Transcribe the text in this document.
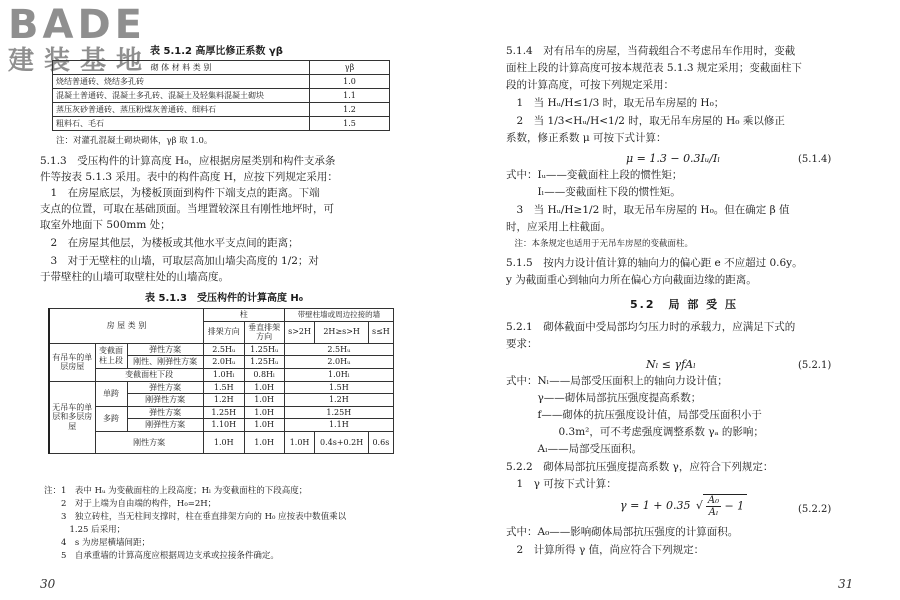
BADE
建装基地
表 5.1.2 高厚比修正系数 γβ
砌 体 材 料 类 别	γβ
烧结普通砖、烧结多孔砖	1.0
混凝土普通砖、混凝土多孔砖、混凝土及轻集料混凝土砌块	1.1
蒸压灰砂普通砖、蒸压粉煤灰普通砖、细料石	1.2
粗料石、毛石	1.5
注：对灌孔混凝土砌块砌体，γβ 取 1.0。
5.1.3　受压构件的计算高度 H₀，应根据房屋类别和构件支承条
件等按表 5.1.3 采用。表中的构件高度 H，应按下列规定采用：
　1　在房屋底层，为楼板顶面到构件下端支点的距离。下端
支点的位置，可取在基础顶面。当埋置较深且有刚性地坪时，可
取室外地面下 500mm 处；
　2　在房屋其他层，为楼板或其他水平支点间的距离；
　3　对于无壁柱的山墙，可取层高加山墙尖高度的 1/2；对
于带壁柱的山墙可取壁柱处的山墙高度。
表 5.1.3　受压构件的计算高度 H₀
房 屋 类 别			柱		带壁柱墙或周边拉接的墙		
			排架方向	垂直排架方向	s>2H	2H≥s>H	s≤H
有吊车的单层房屋	变截面柱上段	弹性方案	2.5Hᵤ	1.25Hᵤ	2.5Hᵤ		
		刚性、刚弹性方案	2.0Hᵤ	1.25Hᵤ	2.0Hᵤ		
	变截面柱下段		1.0Hₗ	0.8Hₗ	1.0Hₗ		
无吊车的单层和多层房屋	单跨	弹性方案	1.5H	1.0H	1.5H		
		刚弹性方案	1.2H	1.0H	1.2H		
	多跨	弹性方案	1.25H	1.0H	1.25H		
		刚弹性方案	1.10H	1.0H	1.1H		
	刚性方案		1.0H	1.0H	1.0H	0.4s+0.2H	0.6s
注：1　表中 Hᵤ 为变截面柱的上段高度；Hₗ 为变截面柱的下段高度；
　　2　对于上端为自由端的构件，H₀=2H；
　　3　独立砖柱，当无柱间支撑时，柱在垂直排架方向的 H₀ 应按表中数值乘以
　　　1.25 后采用；
　　4　s 为房屋横墙间距；
　　5　自承重墙的计算高度应根据周边支承或拉接条件确定。
30
5.1.4　对有吊车的房屋，当荷载组合不考虑吊车作用时，变截
面柱上段的计算高度可按本规范表 5.1.3 规定采用；变截面柱下
段的计算高度，可按下列规定采用：
　1　当 Hᵤ/H≤1/3 时，取无吊车房屋的 H₀；
　2　当 1/3<Hᵤ/H<1/2 时，取无吊车房屋的 H₀ 乘以修正
系数，修正系数 μ 可按下式计算：
μ = 1.3 − 0.3Iᵤ/Iₗ	(5.1.4)
式中：Iᵤ——变截面柱上段的惯性矩；
　　　Iₗ——变截面柱下段的惯性矩。
　3　当 Hᵤ/H≥1/2 时，取无吊车房屋的 H₀。但在确定 β 值
时，应采用上柱截面。
　注：本条规定也适用于无吊车房屋的变截面柱。
5.1.5　按内力设计值计算的轴向力的偏心距 e 不应超过 0.6y。
y 为截面重心到轴向力所在偏心方向截面边缘的距离。
5.2　局 部 受 压
5.2.1　砌体截面中受局部均匀压力时的承载力，应满足下式的
要求：
Nₗ ≤ γfAₗ	(5.2.1)
式中：Nₗ——局部受压面积上的轴向力设计值；
　　　γ——砌体局部抗压强度提高系数；
　　　f——砌体的抗压强度设计值，局部受压面积小于
　　　　　0.3m²，可不考虑强度调整系数 γₐ 的影响；
　　　Aₗ——局部受压面积。
5.2.2　砌体局部抗压强度提高系数 γ，应符合下列规定：
　1　γ 可按下式计算：
γ = 1 + 0.35 √ $\frac{\text{A₀}}{\text{Aₗ}} - 1$	(5.2.2)
式中：A₀——影响砌体局部抗压强度的计算面积。
　2　计算所得 γ 值，尚应符合下列规定：
31
